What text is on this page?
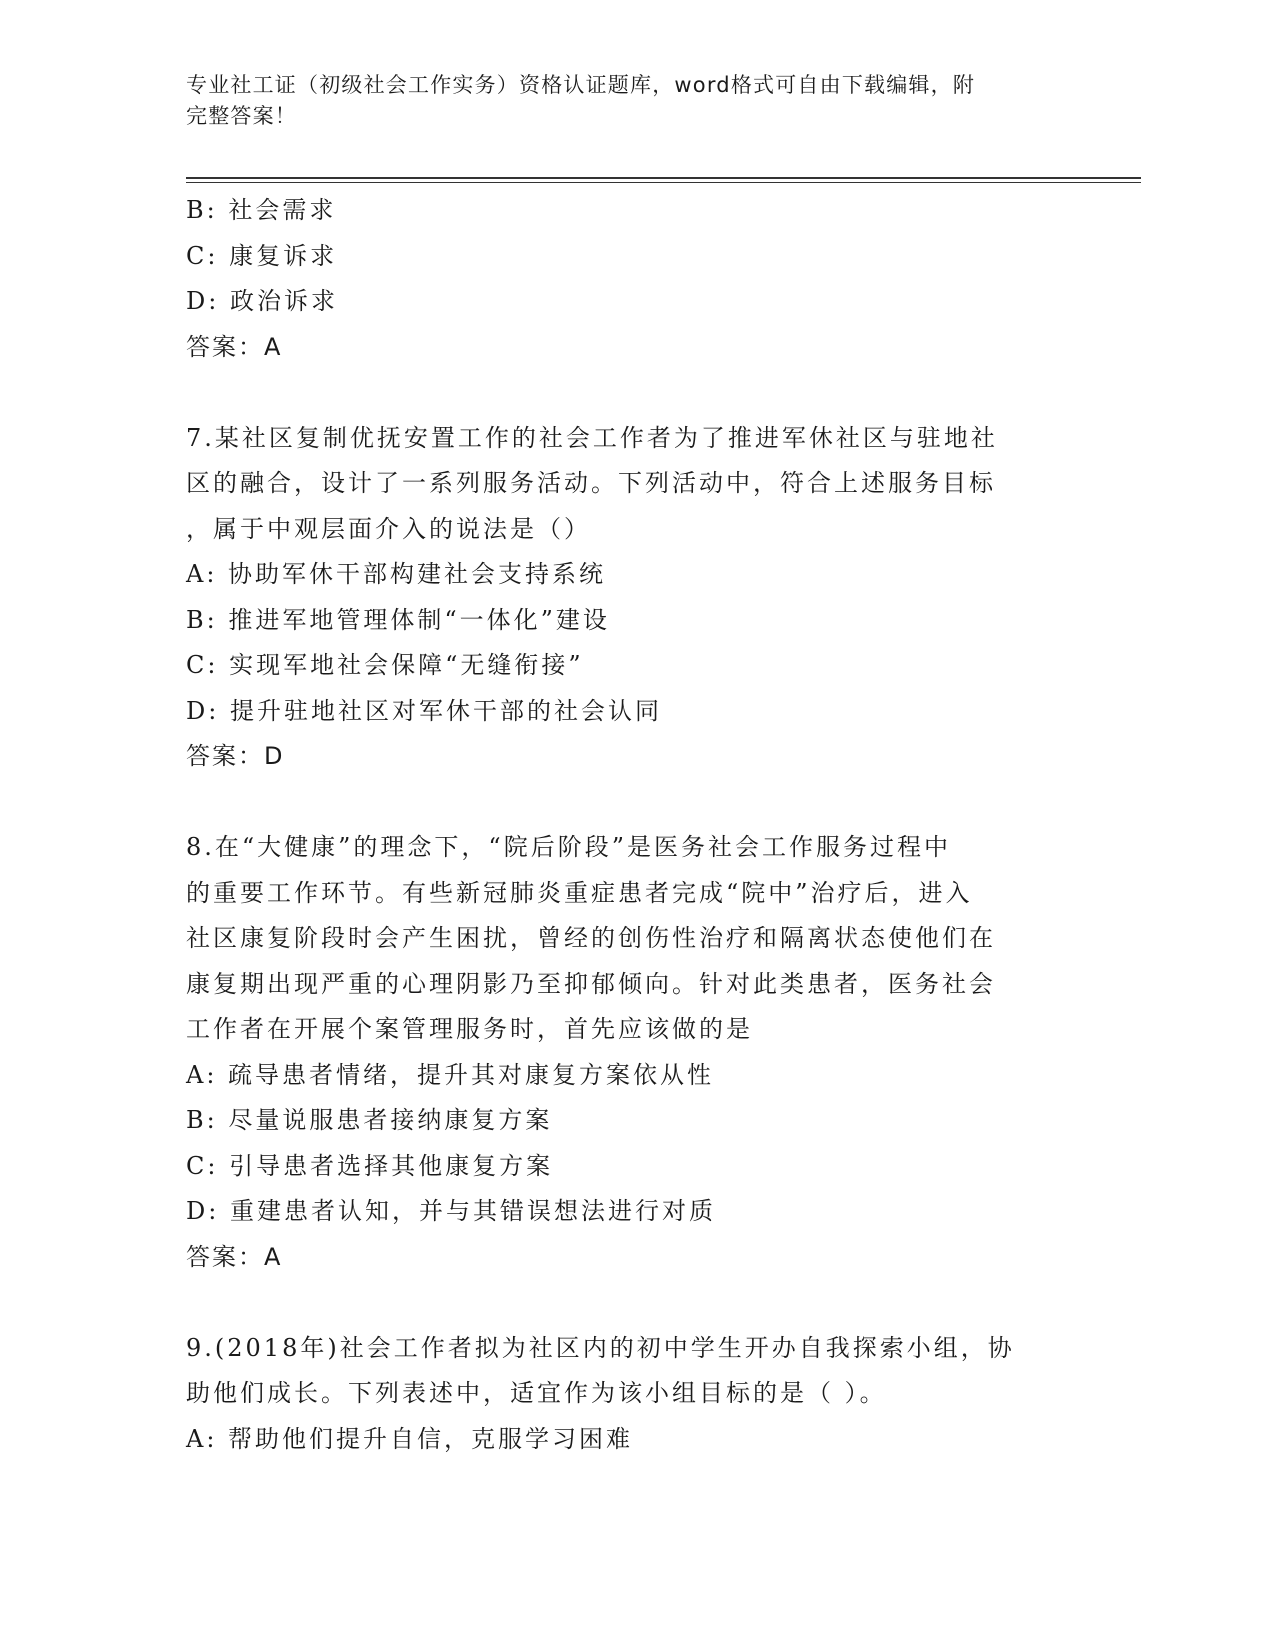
专业社工证（初级社会工作实务）资格认证题库，word格式可自由下载编辑，附
完整答案！
B: 社会需求
C: 康复诉求
D: 政治诉求
答案：A
7.某社区复制优抚安置工作的社会工作者为了推进军休社区与驻地社
区的融合，设计了一系列服务活动。下列活动中，符合上述服务目标
，属于中观层面介入的说法是（）
A: 协助军休干部构建社会支持系统
B: 推进军地管理体制“一体化”建设
C: 实现军地社会保障“无缝衔接”
D: 提升驻地社区对军休干部的社会认同
答案：D
8.在“大健康”的理念下，“院后阶段”是医务社会工作服务过程中
的重要工作环节。有些新冠肺炎重症患者完成“院中”治疗后，进入
社区康复阶段时会产生困扰，曾经的创伤性治疗和隔离状态使他们在
康复期出现严重的心理阴影乃至抑郁倾向。针对此类患者，医务社会
工作者在开展个案管理服务时，首先应该做的是
A: 疏导患者情绪，提升其对康复方案依从性
B: 尽量说服患者接纳康复方案
C: 引导患者选择其他康复方案
D: 重建患者认知，并与其错误想法进行对质
答案：A
9.(2018年)社会工作者拟为社区内的初中学生开办自我探索小组，协
助他们成长。下列表述中，适宜作为该小组目标的是（ ）。
A: 帮助他们提升自信，克服学习困难
